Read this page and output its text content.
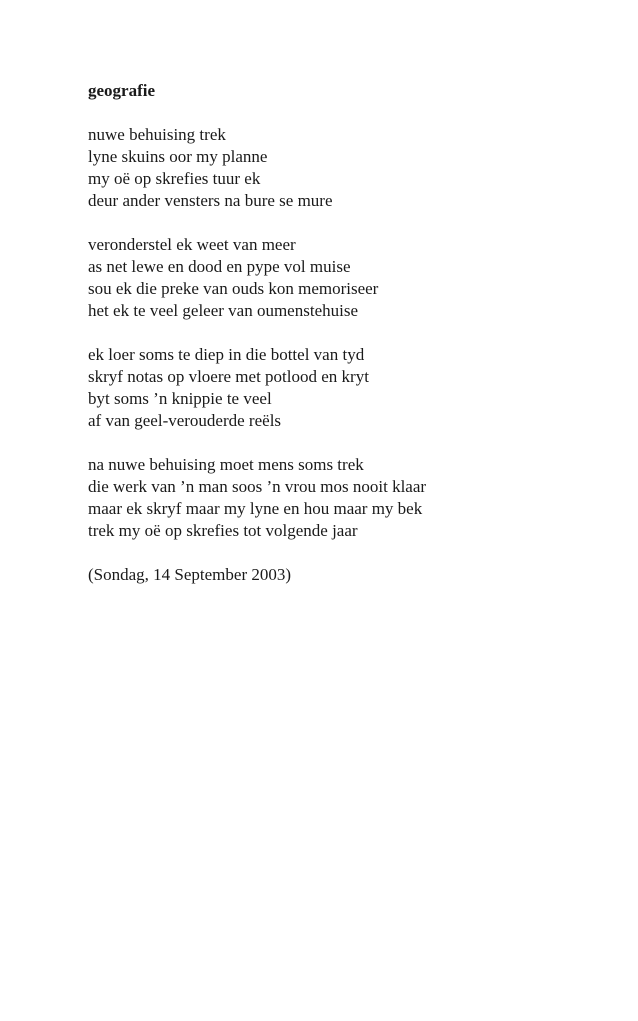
geografie
nuwe behuising trek
lyne skuins oor my planne
my oë op skrefies tuur ek
deur ander vensters na bure se mure
veronderstel ek weet van meer
as net lewe en dood en pype vol muise
sou ek die preke van ouds kon memoriseer
het ek te veel geleer van oumenstehuise
ek loer soms te diep in die bottel van tyd
skryf notas op vloere met potlood en kryt
byt soms ’n knippie te veel
af van geel-verouderde reëls
na nuwe behuising moet mens soms trek
die werk van ’n man soos ’n vrou mos nooit klaar
maar ek skryf maar my lyne en hou maar my bek
trek my oë op skrefies tot volgende jaar
(Sondag, 14 September 2003)
